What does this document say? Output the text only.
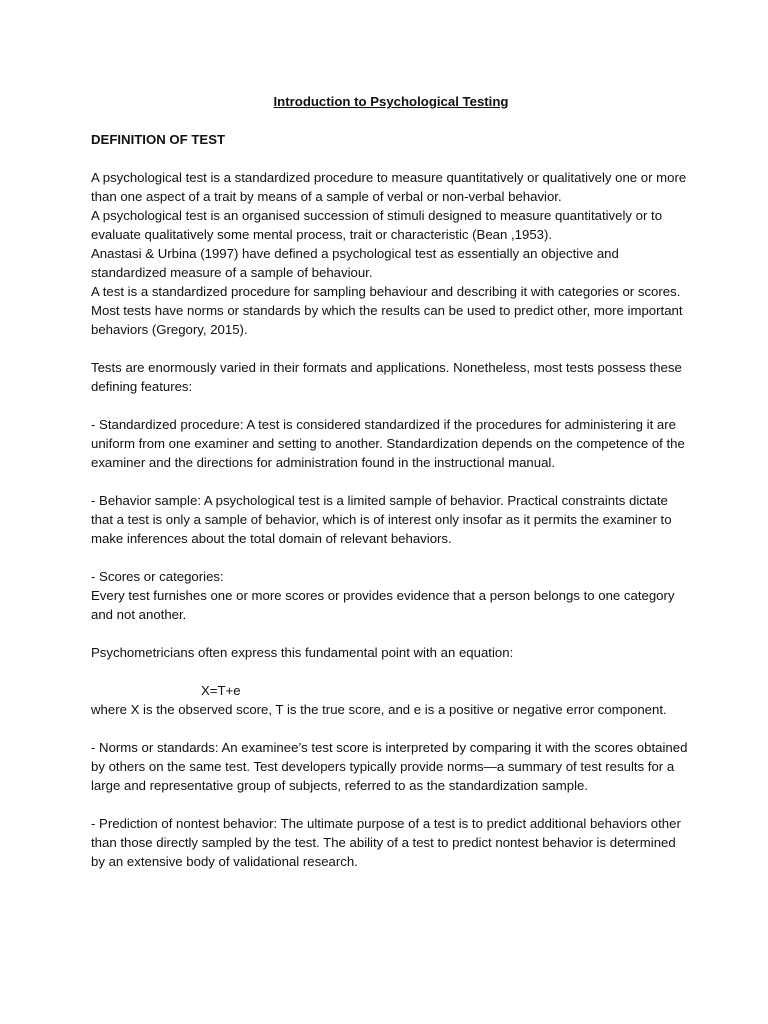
Introduction to Psychological Testing

DEFINITION OF TEST

A psychological test is a standardized procedure to measure quantitatively or qualitatively one or more than one aspect of a trait by means of a sample of verbal or non-verbal behavior.

A psychological test is an organised succession of stimuli designed to measure quantitatively or to evaluate qualitatively some mental process, trait or characteristic (Bean ,1953).

Anastasi & Urbina (1997) have defined a psychological test as essentially an objective and standardized measure of a sample of behaviour.

A test is a standardized procedure for sampling behaviour and describing it with categories or scores. Most tests have norms or standards by which the results can be used to predict other, more important behaviors (Gregory, 2015).

Tests are enormously varied in their formats and applications. Nonetheless, most tests possess these defining features:

- Standardized procedure: A test is considered standardized if the procedures for administering it are uniform from one examiner and setting to another. Standardization depends on the competence of the examiner and the directions for administration found in the instructional manual.

- Behavior sample: A psychological test is a limited sample of behavior. Practical constraints dictate that a test is only a sample of behavior, which is of interest only insofar as it permits the examiner to make inferences about the total domain of relevant behaviors.

- Scores or categories:

Every test furnishes one or more scores or provides evidence that a person belongs to one category and not another.

Psychometricians often express this fundamental point with an equation:

X=T+e

where X is the observed score, T is the true score, and e is a positive or negative error component.

- Norms or standards: An examinee’s test score is interpreted by comparing it with the scores obtained by others on the same test. Test developers typically provide norms—a summary of test results for a large and representative group of subjects, referred to as the standardization sample.

- Prediction of nontest behavior: The ultimate purpose of a test is to predict additional behaviors other than those directly sampled by the test. The ability of a test to predict nontest behavior is determined by an extensive body of validational research.
